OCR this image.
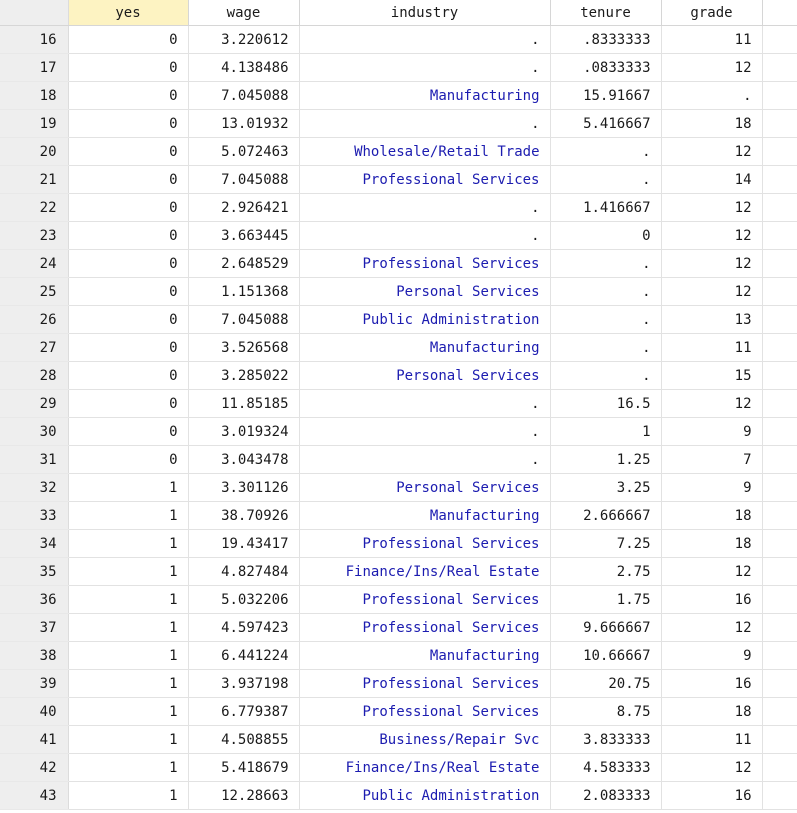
	yes	wage	industry	tenure	grade	
16	0	3.220612	.	.8333333	11	
17	0	4.138486	.	.0833333	12	
18	0	7.045088	Manufacturing	15.91667	.	
19	0	13.01932	.	5.416667	18	
20	0	5.072463	Wholesale/Retail Trade	.	12	
21	0	7.045088	Professional Services	.	14	
22	0	2.926421	.	1.416667	12	
23	0	3.663445	.	0	12	
24	0	2.648529	Professional Services	.	12	
25	0	1.151368	Personal Services	.	12	
26	0	7.045088	Public Administration	.	13	
27	0	3.526568	Manufacturing	.	11	
28	0	3.285022	Personal Services	.	15	
29	0	11.85185	.	16.5	12	
30	0	3.019324	.	1	9	
31	0	3.043478	.	1.25	7	
32	1	3.301126	Personal Services	3.25	9	
33	1	38.70926	Manufacturing	2.666667	18	
34	1	19.43417	Professional Services	7.25	18	
35	1	4.827484	Finance/Ins/Real Estate	2.75	12	
36	1	5.032206	Professional Services	1.75	16	
37	1	4.597423	Professional Services	9.666667	12	
38	1	6.441224	Manufacturing	10.66667	9	
39	1	3.937198	Professional Services	20.75	16	
40	1	6.779387	Professional Services	8.75	18	
41	1	4.508855	Business/Repair Svc	3.833333	11	
42	1	5.418679	Finance/Ins/Real Estate	4.583333	12	
43	1	12.28663	Public Administration	2.083333	16	
